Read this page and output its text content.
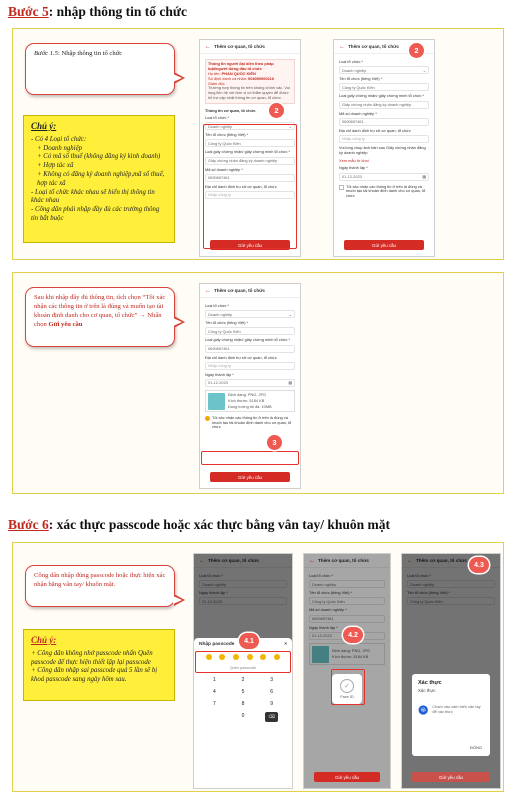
Bước 5: nhập thông tin tổ chức
Bước 1.5: Nhập thông tin tổ chức
Chú ý:
- Có 4 Loại tổ chức:
+ Doanh nghiệp
+ Có mã số thuế (không đăng ký kinh doanh)
+ Hợp tác xã
+ Không có đăng ký doanh nghiệp,mã số thuế, hợp tác xã
- Loại tổ chức khác nhau sẽ hiển thị thông tin khác nhau
- Công dân phải nhập đầy đủ các trường thông tin bắt buộc
← Thêm cơ quan, tổ chức
Thông tin người đại diện theo pháp luật/người đứng đầu tổ chức
Họ tên: PHAN QUỐC KIÊN
Số định danh cá nhân: 004090000216
Giám đốc
Trường hợp thông tin trên không chính xác. Vui lòng liên hệ với đơn vị có thẩm quyền để được hỗ trợ cập nhật thông tin cơ quan, tổ chức.
Thông tin cơ quan, tổ chức
Loại tổ chức *
Doanh nghiệp	⌄
Tên tổ chức (tiếng Việt) *
Công ty Quốc Kiên
Loại giấy chứng nhận/ giấy chứng minh tổ chức *
Giấy chứng nhận đăng ký doanh nghiệp
Mã số doanh nghiệp *
0690657461
Địa chỉ danh định trụ sở cơ quan, tổ chức
Nhập công ty
Gửi yêu cầu
2
← Thêm cơ quan, tổ chức
Loại tổ chức *
Doanh nghiệp	⌄
Tên tổ chức (tiếng Việt) *
Công ty Quốc Kiên
Loại giấy chứng nhận/ giấy chứng minh tổ chức *
Giấy chứng nhận đăng ký doanh nghiệp
Mã số doanh nghiệp *
0690657461
Địa chỉ danh định trụ sở cơ quan, tổ chức
Nhập công ty
Vui lòng chụp ảnh bản sao Giấy chứng nhận đăng ký doanh nghiệp
Xem mẫu tờ khai
Ngày thành lập *
01-12-2023	▦
Tôi xác nhận các thông tin ở trên là đúng và muốn tạo tài khoản định danh cho cơ quan, tổ chức
Gửi yêu cầu
2
Sau khi nhập đầy đủ thông tin, tích chọn “Tôi xác nhận các thông tin ở trên là đúng và muốn tạo tài khoản định danh cho cơ quan, tổ chức” → Nhấn chọn Gửi yêu cầu
← Thêm cơ quan, tổ chức
Loại tổ chức *
Doanh nghiệp	⌄
Tên tổ chức (tiếng Việt) *
Công ty Quốc Kiên
Loại giấy chứng nhận/ giấy chứng minh tổ chức *
0690657461
Địa chỉ danh định trụ sở cơ quan, tổ chức
Nhập công ty
Ngày thành lập *
01-12-2023	▦
Định dạng: PNG, JPG
Kích thước: 5184 KB
Dung lượng tối đa: 10MB
Tôi xác nhận các thông tin ở trên là đúng và muốn tạo tài khoản định danh cho cơ quan, tổ chức
Gửi yêu cầu
3
Bước 6: xác thực passcode hoặc xác thực bằng vân tay/ khuôn mặt
Công dân nhập đúng passcode hoặc thực hiện xác nhận bằng vân tay/ khuôn mặt.
Chú ý:
+ Công dân không nhớ passcode nhấn Quên passcode để thực hiện thiết lập lại passcode
+ Công dân nhập sai passcode quá 5 lần sẽ bị khoá passcode sang ngày hôm sau.
Nhập passcode	×
Quên passcode
1	2	3
4	5	6
7	8	9
0	⌫
4.1
← Thêm cơ quan, tổ chức
Loại tổ chức *
Doanh nghiệp
Tên tổ chức (tiếng Việt) *
Công ty Quốc Kiên
Mã số doanh nghiệp *
0690657461
Ngày thành lập *
01-12-2023
Định dạng: PNG, JPG
Kích thước: 5184 KB
✓
Face ID
Gửi yêu cầu
4.2
Xác thực
Xác thực
Chạm vào cảm biến vân tay để xác thực
ĐÓNG
Gửi yêu cầu
4.3
